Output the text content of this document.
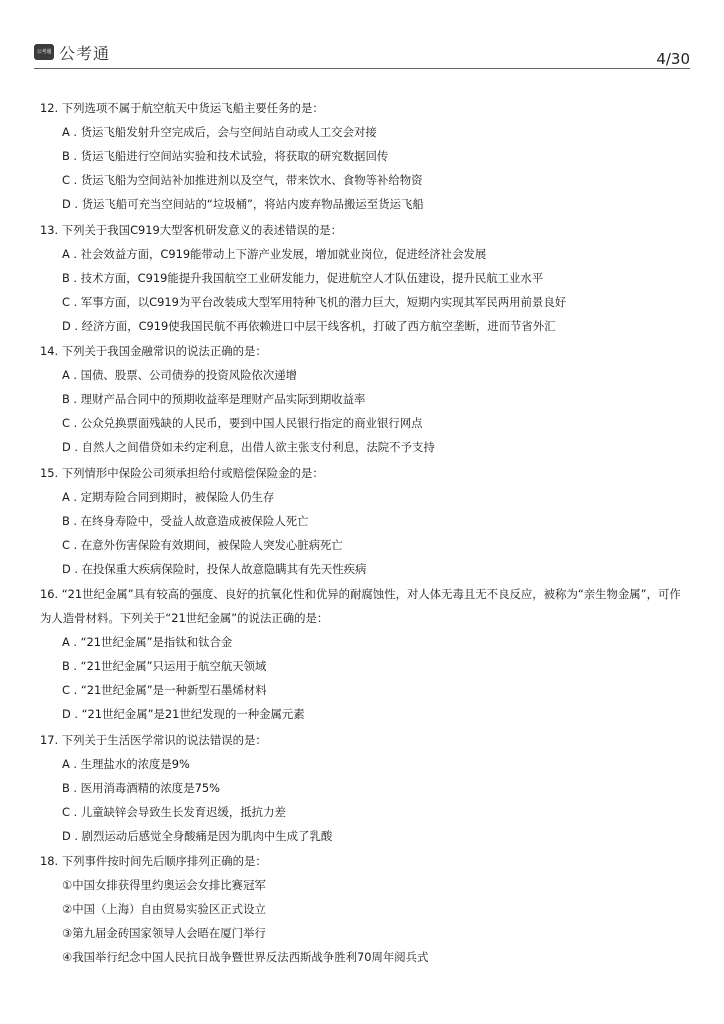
公考通 公考通	4/30
12. 下列选项不属于航空航天中货运飞船主要任务的是：
A . 货运飞船发射升空完成后，会与空间站自动或人工交会对接
B . 货运飞船进行空间站实验和技术试验，将获取的研究数据回传
C . 货运飞船为空间站补加推进剂以及空气，带来饮水、食物等补给物资
D . 货运飞船可充当空间站的“垃圾桶”，将站内废弃物品搬运至货运飞船
13. 下列关于我国C919大型客机研发意义的表述错误的是：
A . 社会效益方面，C919能带动上下游产业发展，增加就业岗位，促进经济社会发展
B . 技术方面，C919能提升我国航空工业研发能力，促进航空人才队伍建设，提升民航工业水平
C . 军事方面，以C919为平台改装成大型军用特种飞机的潜力巨大，短期内实现其军民两用前景良好
D . 经济方面，C919使我国民航不再依赖进口中层干线客机，打破了西方航空垄断，进而节省外汇
14. 下列关于我国金融常识的说法正确的是：
A . 国债、股票、公司债券的投资风险依次递增
B . 理财产品合同中的预期收益率是理财产品实际到期收益率
C . 公众兑换票面残缺的人民币，要到中国人民银行指定的商业银行网点
D . 自然人之间借贷如未约定利息，出借人欲主张支付利息，法院不予支持
15. 下列情形中保险公司须承担给付或赔偿保险金的是：
A . 定期寿险合同到期时，被保险人仍生存
B . 在终身寿险中，受益人故意造成被保险人死亡
C . 在意外伤害保险有效期间，被保险人突发心脏病死亡
D . 在投保重大疾病保险时，投保人故意隐瞒其有先天性疾病
16. “21世纪金属”具有较高的强度、良好的抗氧化性和优异的耐腐蚀性，对人体无毒且无不良反应，被称为“亲生物金属”，可作为人造骨材料。下列关于“21世纪金属”的说法正确的是：
A . “21世纪金属”是指钛和钛合金
B . “21世纪金属”只运用于航空航天领域
C . “21世纪金属”是一种新型石墨烯材料
D . “21世纪金属”是21世纪发现的一种金属元素
17. 下列关于生活医学常识的说法错误的是：
A . 生理盐水的浓度是9%
B . 医用消毒酒精的浓度是75%
C . 儿童缺锌会导致生长发育迟缓，抵抗力差
D . 剧烈运动后感觉全身酸痛是因为肌肉中生成了乳酸
18. 下列事件按时间先后顺序排列正确的是：
①中国女排获得里约奥运会女排比赛冠军
②中国（上海）自由贸易实验区正式设立
③第九届金砖国家领导人会晤在厦门举行
④我国举行纪念中国人民抗日战争暨世界反法西斯战争胜利70周年阅兵式
